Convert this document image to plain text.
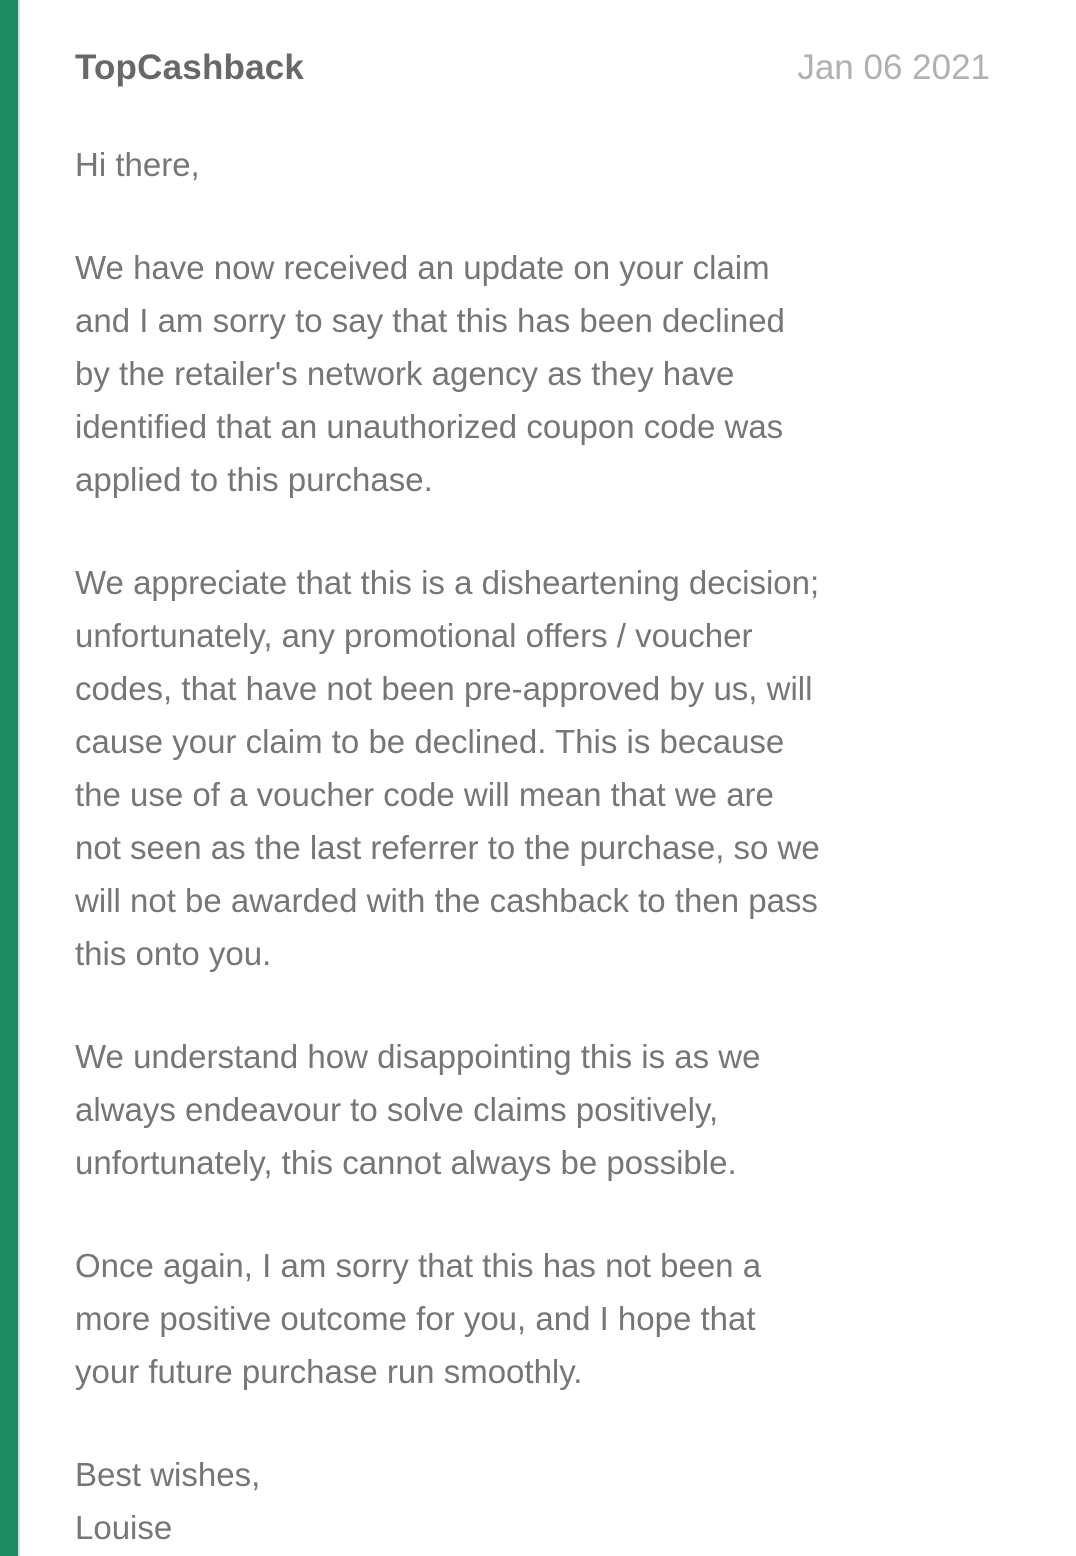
TopCashback	Jan 06 2021

Hi there,

We have now received an update on your claim
and I am sorry to say that this has been declined
by the retailer's network agency as they have
identified that an unauthorized coupon code was
applied to this purchase.

We appreciate that this is a disheartening decision;
unfortunately, any promotional offers / voucher
codes, that have not been pre-approved by us, will
cause your claim to be declined. This is because
the use of a voucher code will mean that we are
not seen as the last referrer to the purchase, so we
will not be awarded with the cashback to then pass
this onto you.

We understand how disappointing this is as we
always endeavour to solve claims positively,
unfortunately, this cannot always be possible.

Once again, I am sorry that this has not been a
more positive outcome for you, and I hope that
your future purchase run smoothly.

Best wishes,
Louise
